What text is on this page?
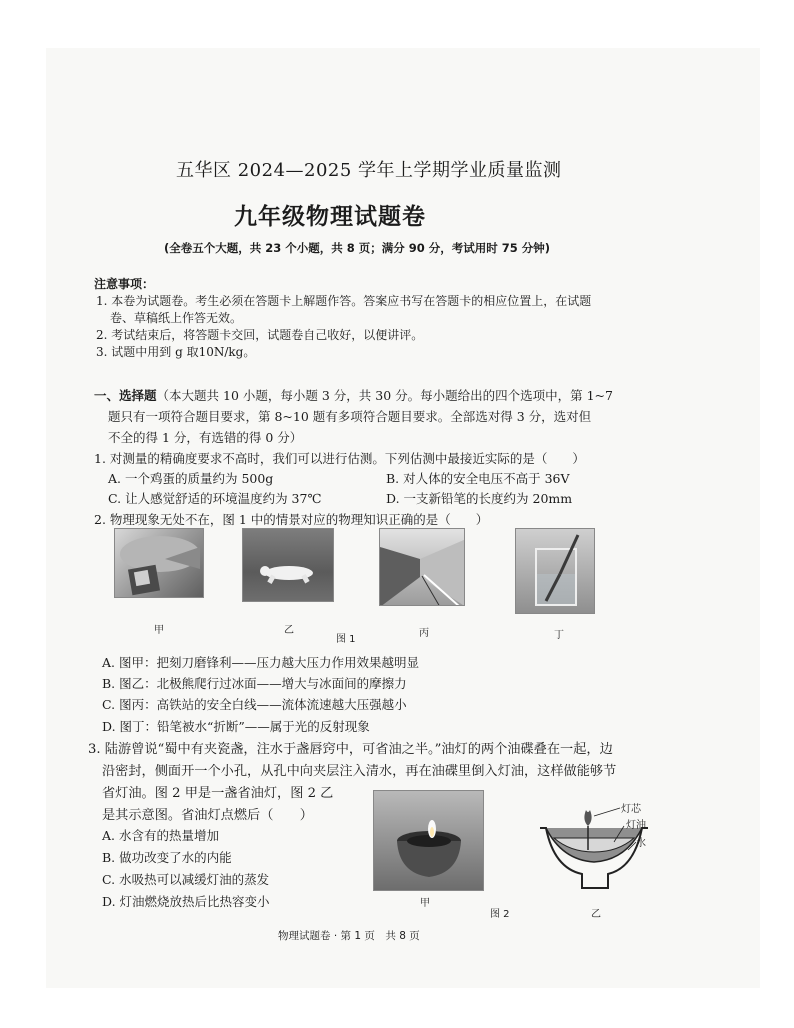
五华区 2024—2025 学年上学期学业质量监测
九年级物理试题卷
(全卷五个大题，共 23 个小题，共 8 页；满分 90 分，考试用时 75 分钟)
注意事项：
1. 本卷为试题卷。考生必须在答题卡上解题作答。答案应书写在答题卡的相应位置上，在试题
卷、草稿纸上作答无效。
2. 考试结束后，将答题卡交回，试题卷自己收好，以便讲评。
3. 试题中用到 g 取10N/kg。
一、选择题（本大题共 10 小题，每小题 3 分，共 30 分。每小题给出的四个选项中，第 1~7
题只有一项符合题目要求，第 8~10 题有多项符合题目要求。全部选对得 3 分，选对但
不全的得 1 分，有选错的得 0 分）
1. 对测量的精确度要求不高时，我们可以进行估测。下列估测中最接近实际的是（　　）
A. 一个鸡蛋的质量约为 500g	B. 对人体的安全电压不高于 36V
C. 让人感觉舒适的环境温度约为 37℃	D. 一支新铅笔的长度约为 20mm
2. 物理现象无处不在，图 1 中的情景对应的物理知识正确的是（　　）
甲	乙	丙	丁
图 1
A. 图甲：把刻刀磨锋利——压力越大压力作用效果越明显
B. 图乙：北极熊爬行过冰面——增大与冰面间的摩擦力
C. 图丙：高铁站的安全白线——流体流速越大压强越小
D. 图丁：铅笔被水“折断”——属于光的反射现象
3. 陆游曾说“蜀中有夹瓷盏，注水于盏唇窍中，可省油之半。”油灯的两个油碟叠在一起，边
沿密封，侧面开一个小孔，从孔中向夹层注入清水，再在油碟里倒入灯油，这样做能够节
省灯油。图 2 甲是一盏省油灯，图 2 乙
是其示意图。省油灯点燃后（　　）
A. 水含有的热量增加
B. 做功改变了水的内能
C. 水吸热可以减缓灯油的蒸发
D. 灯油燃烧放热后比热容变小	甲
图 2
灯芯
灯油
水
乙
物理试题卷 · 第 1 页　共 8 页
